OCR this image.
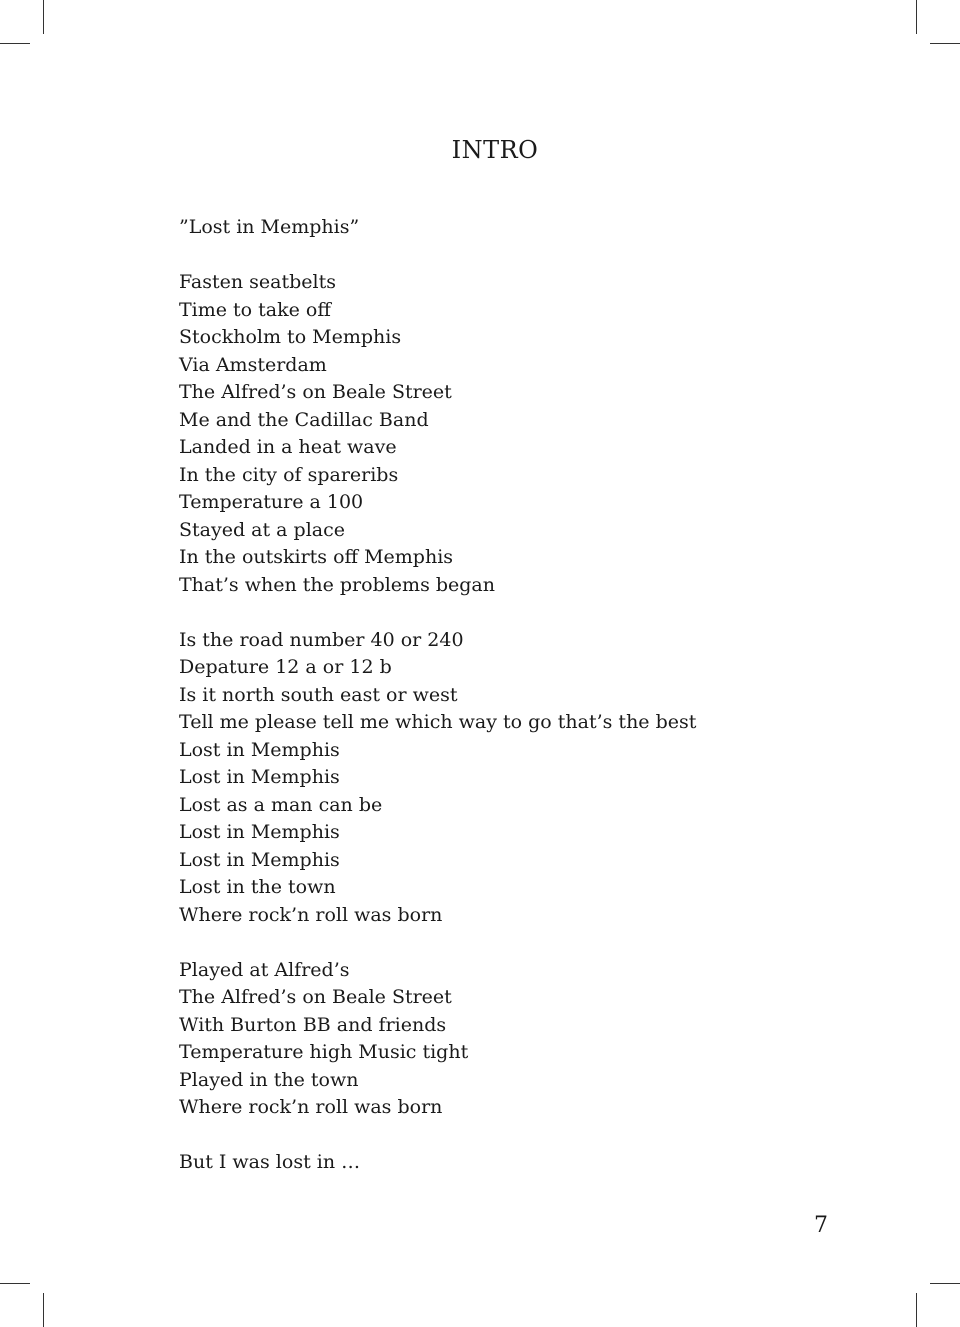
INTRO
”Lost in Memphis”
Fasten seatbelts
Time to take off
Stockholm to Memphis
Via Amsterdam
The Alfred’s on Beale Street
Me and the Cadillac Band
Landed in a heat wave
In the city of spareribs
Temperature a 100
Stayed at a place
In the outskirts off Memphis
That’s when the problems began
Is the road number 40 or 240
Depature 12 a or 12 b
Is it north south east or west
Tell me please tell me which way to go that’s the best
Lost in Memphis
Lost in Memphis
Lost as a man can be
Lost in Memphis
Lost in Memphis
Lost in the town
Where rock’n roll was born
Played at Alfred’s
The Alfred’s on Beale Street
With Burton BB and friends
Temperature high Music tight
Played in the town
Where rock’n roll was born
But I was lost in …
7
